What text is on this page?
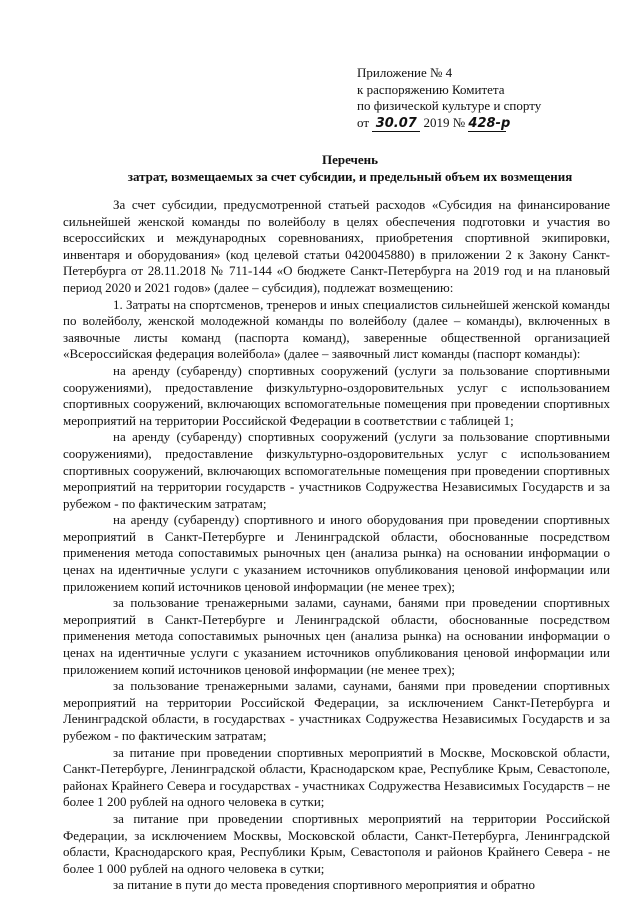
Приложение № 4
к распоряжению Комитета
по физической культуре и спорту
от 30.07 2019 № 428-р
Перечень
затрат, возмещаемых за счет субсидии, и предельный объем их возмещения

За счет субсидии, предусмотренной статьей расходов «Субсидия на финансирование сильнейшей женской команды по волейболу в целях обеспечения подготовки и участия во всероссийских и международных соревнованиях, приобретения спортивной экипировки, инвентаря и оборудования» (код целевой статьи 0420045880) в приложении 2 к Закону Санкт-Петербурга от 28.11.2018 № 711-144 «О бюджете Санкт-Петербурга на 2019 год и на плановый период 2020 и 2021 годов» (далее – субсидия), подлежат возмещению:

1. Затраты на спортсменов, тренеров и иных специалистов сильнейшей женской команды по волейболу, женской молодежной команды по волейболу (далее – команды), включенных в заявочные листы команд (паспорта команд), заверенные общественной организацией «Всероссийская федерация волейбола» (далее – заявочный лист команды (паспорт команды):

на аренду (субаренду) спортивных сооружений (услуги за пользование спортивными сооружениями), предоставление физкультурно-оздоровительных услуг с использованием спортивных сооружений, включающих вспомогательные помещения при проведении спортивных мероприятий на территории Российской Федерации в соответствии с таблицей 1;

на аренду (субаренду) спортивных сооружений (услуги за пользование спортивными сооружениями), предоставление физкультурно-оздоровительных услуг с использованием спортивных сооружений, включающих вспомогательные помещения при проведении спортивных мероприятий на территории государств - участников Содружества Независимых Государств и за рубежом - по фактическим затратам;

на аренду (субаренду) спортивного и иного оборудования при проведении спортивных мероприятий в Санкт-Петербурге и Ленинградской области, обоснованные посредством применения метода сопоставимых рыночных цен (анализа рынка) на основании информации о ценах на идентичные услуги с указанием источников опубликования ценовой информации или приложением копий источников ценовой информации (не менее трех);

за пользование тренажерными залами, саунами, банями при проведении спортивных мероприятий в Санкт-Петербурге и Ленинградской области, обоснованные посредством применения метода сопоставимых рыночных цен (анализа рынка) на основании информации о ценах на идентичные услуги с указанием источников опубликования ценовой информации или приложением копий источников ценовой информации (не менее трех);

за пользование тренажерными залами, саунами, банями при проведении спортивных мероприятий на территории Российской Федерации, за исключением Санкт-Петербурга и Ленинградской области, в государствах - участниках Содружества Независимых Государств и за рубежом - по фактическим затратам;

за питание при проведении спортивных мероприятий в Москве, Московской области, Санкт-Петербурге, Ленинградской области, Краснодарском крае, Республике Крым, Севастополе, районах Крайнего Севера и государствах - участниках Содружества Независимых Государств – не более 1 200 рублей на одного человека в сутки;

за питание при проведении спортивных мероприятий на территории Российской Федерации, за исключением Москвы, Московской области, Санкт-Петербурга, Ленинградской области, Краснодарского края, Республики Крым, Севастополя и районов Крайнего Севера - не более 1 000 рублей на одного человека в сутки;

за питание в пути до места проведения спортивного мероприятия и обратно
